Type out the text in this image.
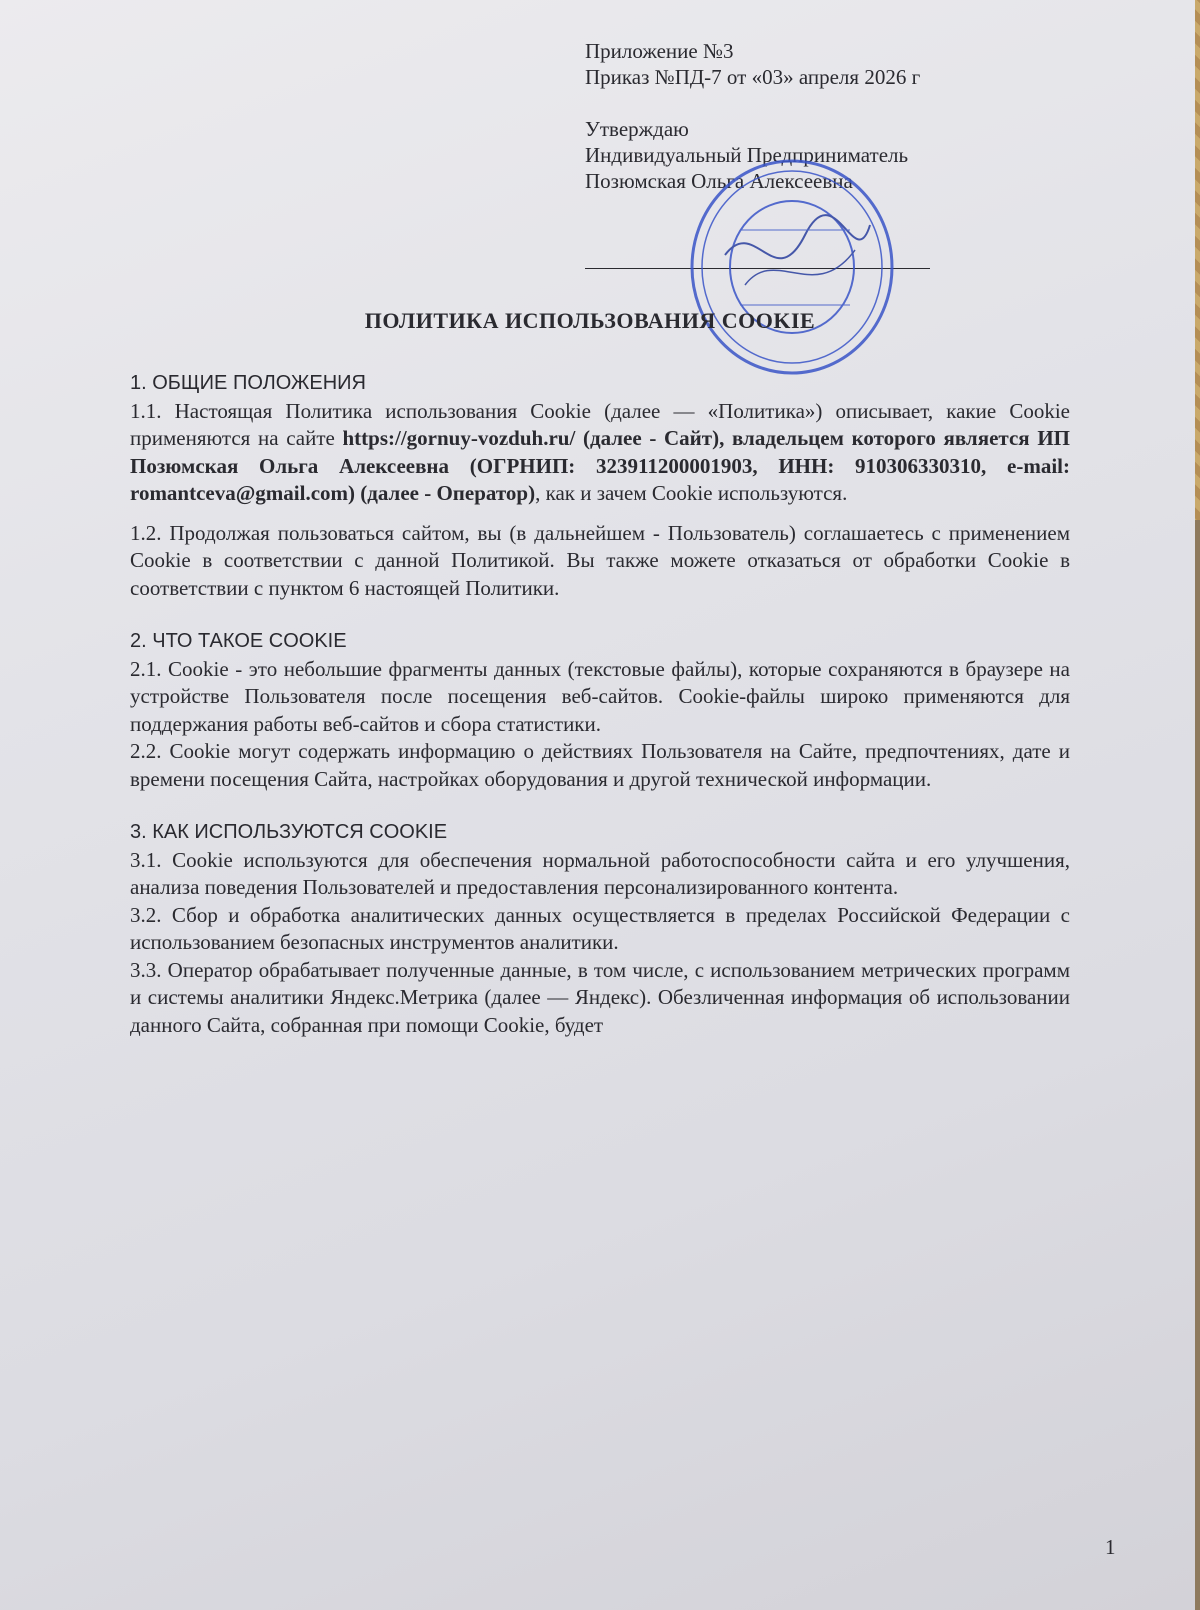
Приложение №3
Приказ №ПД-7 от «03» апреля 2026 г
Утверждаю
Индивидуальный Предприниматель
Позюмская Ольга Алексеевна
ПОЛИТИКА ИСПОЛЬЗОВАНИЯ COOKIE

1. ОБЩИЕ ПОЛОЖЕНИЯ

1.1. Настоящая Политика использования Cookie (далее — «Политика») описывает, какие Cookie применяются на сайте https://gornuy-vozduh.ru/ (далее - Сайт), владельцем которого является ИП Позюмская Ольга Алексеевна (ОГРНИП: 323911200001903, ИНН: 910306330310, e-mail: romantceva@gmail.com) (далее - Оператор), как и зачем Cookie используются.

1.2. Продолжая пользоваться сайтом, вы (в дальнейшем - Пользователь) соглашаетесь с применением Cookie в соответствии с данной Политикой. Вы также можете отказаться от обработки Cookie в соответствии с пунктом 6 настоящей Политики.

2. ЧТО ТАКОЕ COOKIE

2.1. Cookie - это небольшие фрагменты данных (текстовые файлы), которые сохраняются в браузере на устройстве Пользователя после посещения веб-сайтов. Cookie-файлы широко применяются для поддержания работы веб-сайтов и сбора статистики.

2.2. Cookie могут содержать информацию о действиях Пользователя на Сайте, предпочтениях, дате и времени посещения Сайта, настройках оборудования и другой технической информации.

3. КАК ИСПОЛЬЗУЮТСЯ COOKIE

3.1. Cookie используются для обеспечения нормальной работоспособности сайта и его улучшения, анализа поведения Пользователей и предоставления персонализированного контента.

3.2. Сбор и обработка аналитических данных осуществляется в пределах Российской Федерации с использованием безопасных инструментов аналитики.

3.3. Оператор обрабатывает полученные данные, в том числе, с использованием метрических программ и системы аналитики Яндекс.Метрика (далее — Яндекс). Обезличенная информация об использовании данного Сайта, собранная при помощи Cookie, будет

1
